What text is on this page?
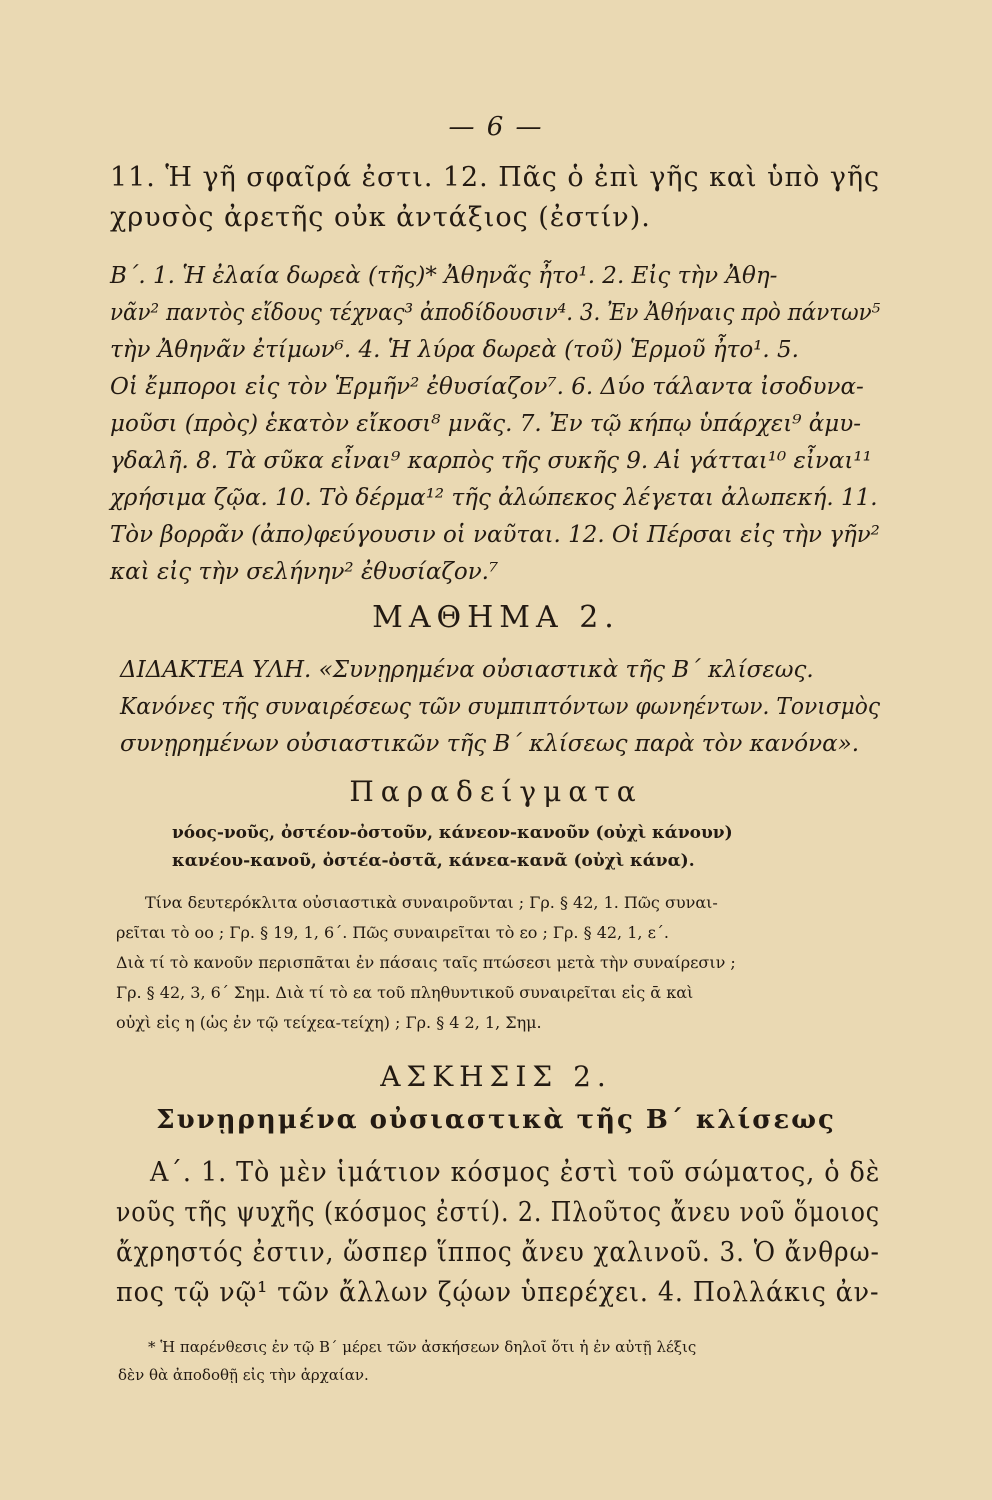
— 6 —
11. Ἡ γῆ σφαῖρά ἐστι. 12. Πᾶς ὁ ἐπὶ γῆς καὶ ὑπὸ γῆς
χρυσὸς ἀρετῆς οὐκ ἀντάξιος (ἐστίν).
Β΄. 1. Ἡ ἐλαία δωρεὰ (τῆς)* Ἀθηνᾶς ἦτο¹. 2. Εἰς τὴν Ἀθη-
νᾶν² παντὸς εἴδους τέχνας³ ἀποδίδουσιν⁴. 3. Ἐν Ἀθήναις πρὸ πάντων⁵
τὴν Ἀθηνᾶν ἐτίμων⁶. 4. Ἡ λύρα δωρεὰ (τοῦ) Ἑρμοῦ ἦτο¹. 5.
Οἱ ἔμποροι εἰς τὸν Ἑρμῆν² ἐθυσίαζον⁷. 6. Δύο τάλαντα ἰσοδυνα-
μοῦσι (πρὸς) ἑκατὸν εἴκοσι⁸ μνᾶς. 7. Ἐν τῷ κήπῳ ὑπάρχει⁹ ἀμυ-
γδαλῆ. 8. Τὰ σῦκα εἶναι⁹ καρπὸς τῆς συκῆς 9. Αἱ γάτται¹⁰ εἶναι¹¹
χρήσιμα ζῷα. 10. Τὸ δέρμα¹² τῆς ἀλώπεκος λέγεται ἀλωπεκή. 11.
Τὸν βορρᾶν (ἀπο)φεύγουσιν οἱ ναῦται. 12. Οἱ Πέρσαι εἰς τὴν γῆν²
καὶ εἰς τὴν σελήνην² ἐθυσίαζον.⁷
ΜΑΘΗΜΑ 2.
ΔΙΔΑΚΤΕΑ ΥΛΗ. «Συνῃρημένα οὐσιαστικὰ τῆς Β΄ κλίσεως.
Κανόνες τῆς συναιρέσεως τῶν συμπιπτόντων φωνηέντων. Τονισμὸς
συνῃρημένων οὐσιαστικῶν τῆς Β΄ κλίσεως παρὰ τὸν κανόνα».
Παραδείγματα
νόος-νοῦς, ὀστέον-ὀστοῦν, κάνεον-κανοῦν (οὐχὶ κάνουν)
κανέου-κανοῦ, ὀστέα-ὀστᾶ, κάνεα-κανᾶ (οὐχὶ κάνα).
Τίνα δευτερόκλιτα οὐσιαστικὰ συναιροῦνται ; Γρ. § 42, 1. Πῶς συναι-
ρεῖται τὸ οο ; Γρ. § 19, 1, 6΄. Πῶς συναιρεῖται τὸ εο ; Γρ. § 42, 1, ε΄.
Διὰ τί τὸ κανοῦν περισπᾶται ἐν πάσαις ταῖς πτώσεσι μετὰ τὴν συναίρεσιν ;
Γρ. § 42, 3, 6΄ Σημ. Διὰ τί τὸ εα τοῦ πληθυντικοῦ συναιρεῖται εἰς ᾱ καὶ
οὐχὶ εἰς η (ὡς ἐν τῷ τείχεα-τείχη) ; Γρ. § 4 2, 1, Σημ.
ΑΣΚΗΣΙΣ 2.
Συνῃρημένα οὐσιαστικὰ τῆς Β΄ κλίσεως
Α΄. 1. Τὸ μὲν ἱμάτιον κόσμος ἐστὶ τοῦ σώματος, ὁ δὲ
νοῦς τῆς ψυχῆς (κόσμος ἐστί). 2. Πλοῦτος ἄνευ νοῦ ὅμοιος
ἄχρηστός ἐστιν, ὥσπερ ἵππος ἄνευ χαλινοῦ. 3. Ὁ ἄνθρω-
πος τῷ νῷ¹ τῶν ἄλλων ζῴων ὑπερέχει. 4. Πολλάκις ἀν-
* Ἡ παρένθεσις ἐν τῷ Β΄ μέρει τῶν ἀσκήσεων δηλοῖ ὅτι ἡ ἐν αὐτῇ λέξις
δὲν θὰ ἀποδοθῇ εἰς τὴν ἀρχαίαν.
